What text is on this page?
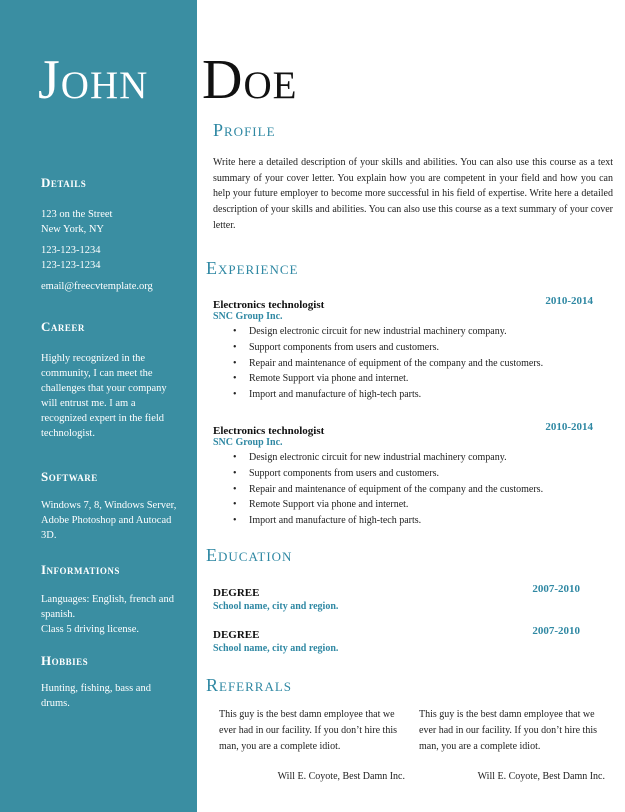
John Doe
Details
123 on the Street
New York, NY
123-123-1234
123-123-1234
email@freecvtemplate.org
Career
Highly recognized in the community, I can meet the challenges that your company will entrust me. I am a recognized expert in the field technologist.
Software
Windows 7, 8, Windows Server, Adobe Photoshop and Autocad 3D.
Informations
Languages: English, french and spanish.
Class 5 driving license.
Hobbies
Hunting, fishing, bass and drums.
Profile
Write here a detailed description of your skills and abilities. You can also use this course as a text summary of your cover letter. You explain how you are competent in your field and how you can help your future employer to become more successful in his field of expertise. Write here a detailed description of your skills and abilities. You can also use this course as a text summary of your cover letter.
Experience
Electronics technologist	2010-2014
SNC Group Inc.
• Design electronic circuit for new industrial machinery company.
• Support components from users and customers.
• Repair and maintenance of equipment of the company and the customers.
• Remote Support via phone and internet.
• Import and manufacture of high-tech parts.
Electronics technologist	2010-2014
SNC Group Inc.
• Design electronic circuit for new industrial machinery company.
• Support components from users and customers.
• Repair and maintenance of equipment of the company and the customers.
• Remote Support via phone and internet.
• Import and manufacture of high-tech parts.
Education
DEGREE	2007-2010
School name, city and region.
DEGREE	2007-2010
School name, city and region.
Referrals
This guy is the best damn employee that we ever had in our facility. If you don’t hire this man, you are a complete idiot.
Will E. Coyote, Best Damn Inc.
This guy is the best damn employee that we ever had in our facility. If you don’t hire this man, you are a complete idiot.
Will E. Coyote, Best Damn Inc.
